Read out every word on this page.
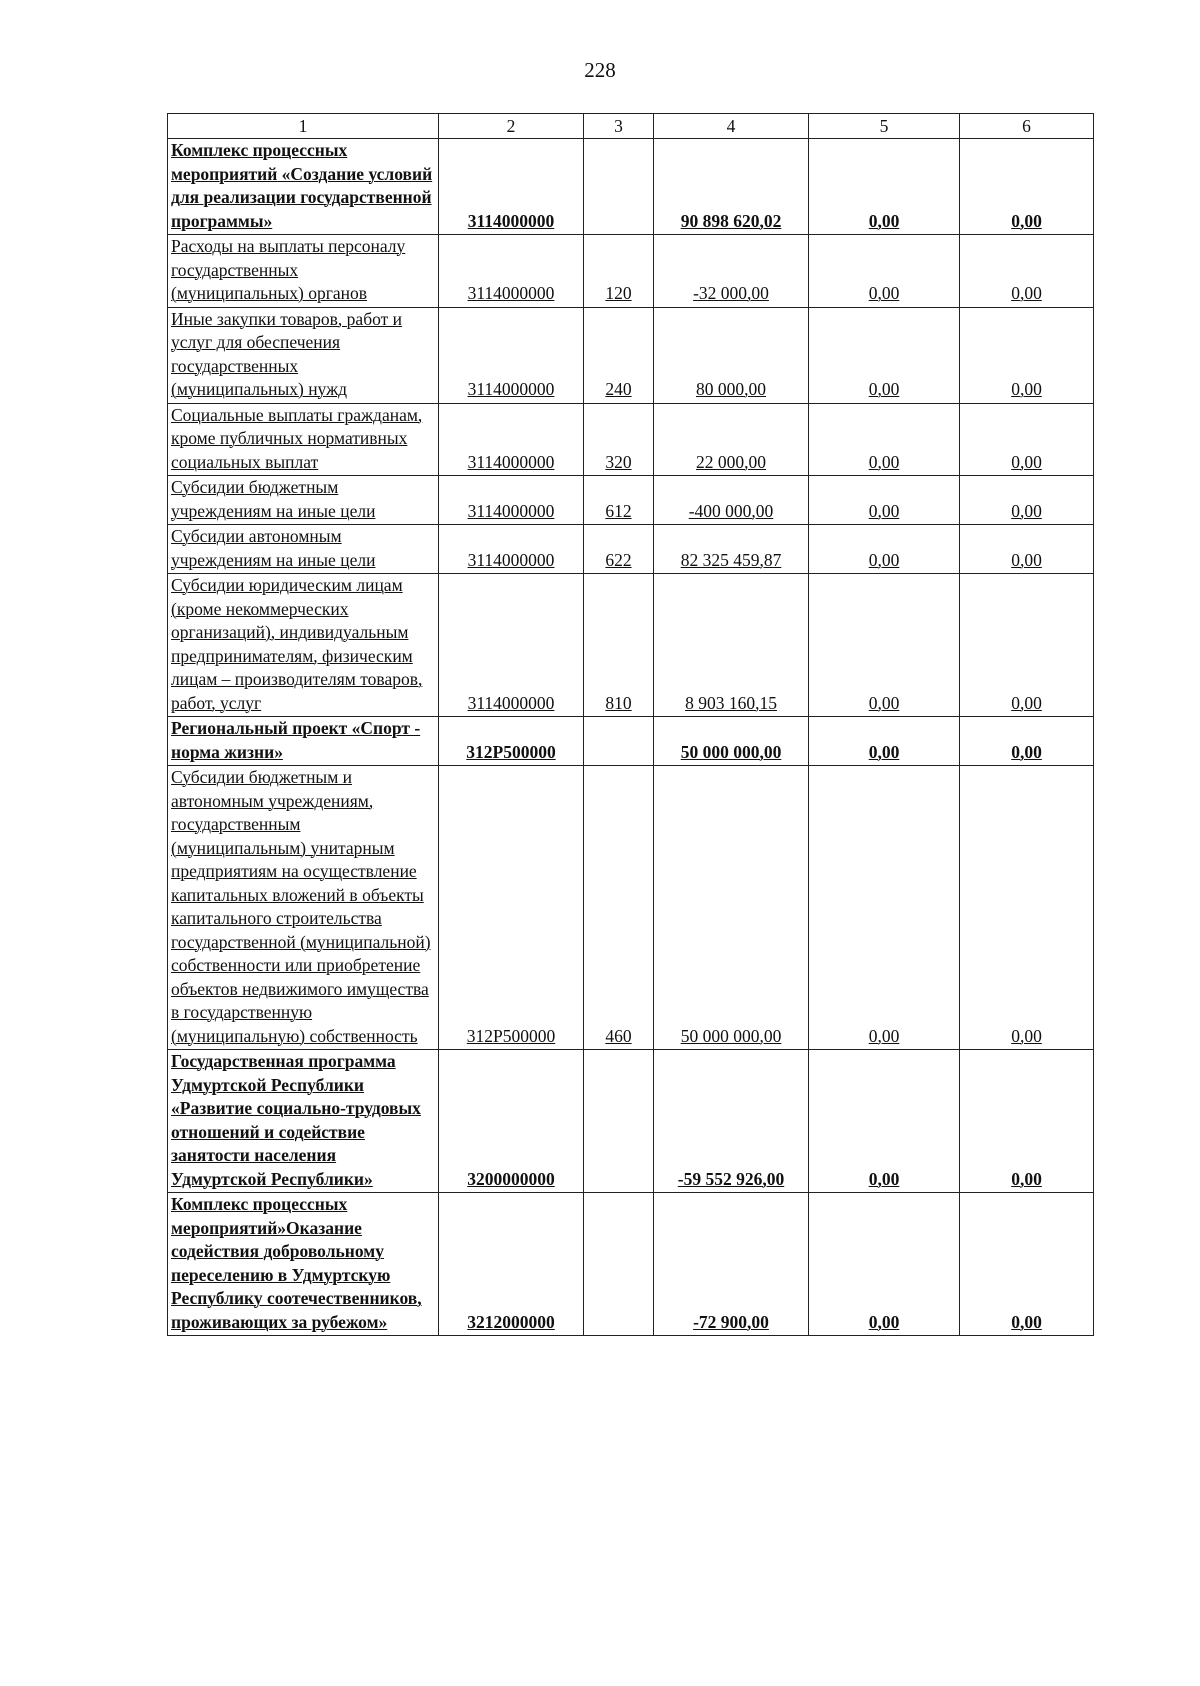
228
1	2	3	4	5	6
Комплекс процессных мероприятий «Создание условий для реализации государственной программы»	3114000000		90 898 620,02	0,00	0,00
Расходы на выплаты персоналу государственных (муниципальных) органов	3114000000	120	-32 000,00	0,00	0,00
Иные закупки товаров, работ и услуг для обеспечения государственных (муниципальных) нужд	3114000000	240	80 000,00	0,00	0,00
Социальные выплаты гражданам, кроме публичных нормативных социальных выплат	3114000000	320	22 000,00	0,00	0,00
Субсидии бюджетным учреждениям на иные цели	3114000000	612	-400 000,00	0,00	0,00
Субсидии автономным учреждениям на иные цели	3114000000	622	82 325 459,87	0,00	0,00
Субсидии юридическим лицам (кроме некоммерческих организаций), индивидуальным предпринимателям, физическим лицам – производителям товаров, работ, услуг	3114000000	810	8 903 160,15	0,00	0,00
Региональный проект «Спорт - норма жизни»	312P500000		50 000 000,00	0,00	0,00
Субсидии бюджетным и автономным учреждениям, государственным (муниципальным) унитарным предприятиям на осуществление капитальных вложений в объекты капитального строительства государственной (муниципальной) собственности или приобретение объектов недвижимого имущества в государственную (муниципальную) собственность	312P500000	460	50 000 000,00	0,00	0,00
Государственная программа Удмуртской Республики «Развитие социально-трудовых отношений и содействие занятости населения Удмуртской Республики»	3200000000		-59 552 926,00	0,00	0,00
Комплекс процессных мероприятий»Оказание содействия добровольному переселению в Удмуртскую Республику соотечественников, проживающих за рубежом»	3212000000		-72 900,00	0,00	0,00
